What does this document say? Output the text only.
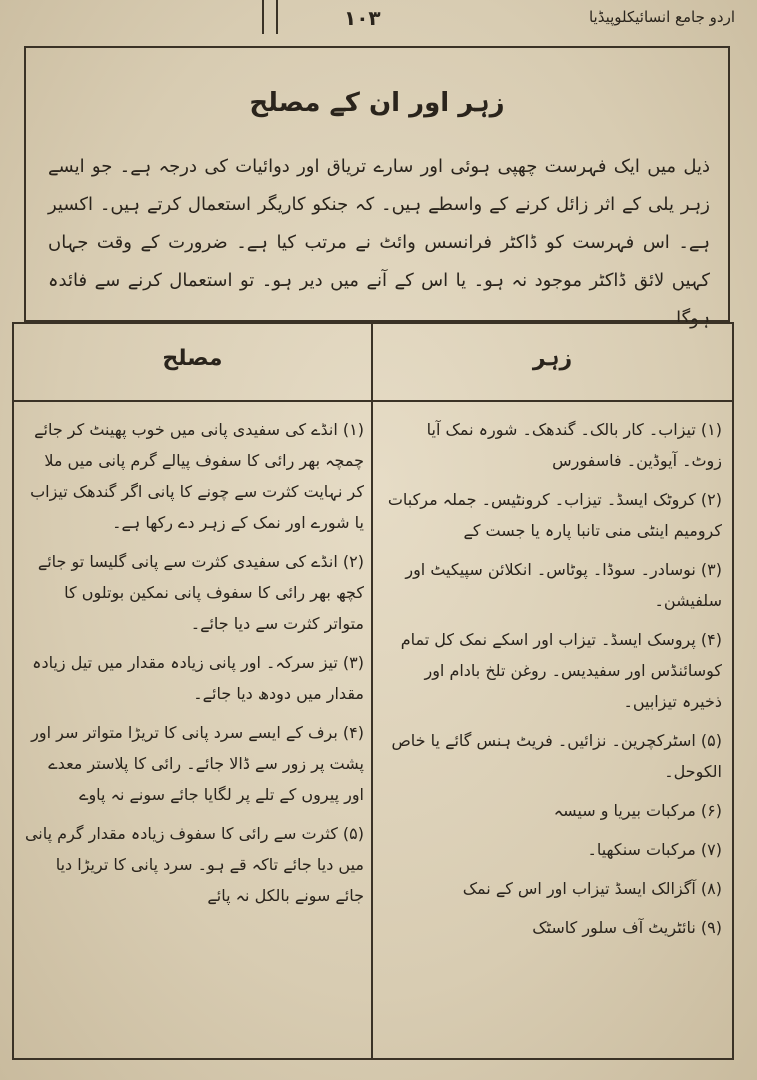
۱۰۳	اردو جامع انسائیکلوپیڈیا
زہر اور ان کے مصلح
ذیل میں ایک فہرست چھپی ہوئی اور سارے تریاق اور دوائیات کی درجہ ہے۔ جو ایسے زہر یلی کے اثر زائل کرنے کے واسطے ہیں۔ کہ جنکو کاریگر استعمال کرتے ہیں۔ اکسیر ہے۔ اس فہرست کو ڈاکٹر فرانسس وائٹ نے مرتب کیا ہے۔ ضرورت کے وقت جہاں کہیں لائق ڈاکٹر موجود نہ ہو۔ یا اس کے آنے میں دیر ہو۔ تو استعمال کرنے سے فائدہ ہوگا۔
زہر
مصلح
(۱) تیزاب۔ کار بالک۔ گندھک۔ شورہ نمک آیا زوٹ۔ آیوڈین۔ فاسفورس
(۲) کروٹک ایسڈ۔ تیزاب۔ کرونٹیس۔ جملہ مرکبات کرومیم اینٹی منی تانبا پارہ یا جست کے
(۳) نوسادر۔ سوڈا۔ پوٹاس۔ انکلائن سپیکیٹ اور سلفیشن۔
(۴) پروسک ایسڈ۔ تیزاب اور اسکے نمک کل تمام کوسائنڈس اور سفیدیس۔ روغن تلخ بادام اور ذخیرہ تیزابیں۔
(۵) اسٹرکچرین۔ نزائیں۔ فریٹ ہنس گائے یا خاص الکوحل۔
(۶) مرکبات بیریا و سیسہ
(۷) مرکبات سنکھیا۔
(۸) آگزالک ایسڈ تیزاب اور اس کے نمک
(۹) نائٹریٹ آف سلور کاسٹک
(۱) انڈے کی سفیدی پانی میں خوب پھینٹ کر جائے چمچہ بھر رائی کا سفوف پیالے گرم پانی میں ملا کر نہایت کثرت سے چونے کا پانی اگر گندھک تیزاب یا شورے اور نمک کے زہر دے رکھا ہے۔
(۲) انڈے کی سفیدی کثرت سے پانی گلیسا تو جائے کچھ بھر رائی کا سفوف پانی نمکین بوتلوں کا متواتر کثرت سے دیا جائے۔
(۳) تیز سرکہ۔ اور پانی زیادہ مقدار میں تیل زیادہ مقدار میں دودھ دیا جائے۔
(۴) برف کے ایسے سرد پانی کا تریڑا متواتر سر اور پشت پر زور سے ڈالا جائے۔ رائی کا پلاستر معدے اور پیروں کے تلے پر لگایا جائے سونے نہ پاوے
(۵) کثرت سے رائی کا سفوف زیادہ مقدار گرم پانی میں دیا جائے تاکہ قے ہو۔ سرد پانی کا تریڑا دیا جائے سونے بالکل نہ پائے
